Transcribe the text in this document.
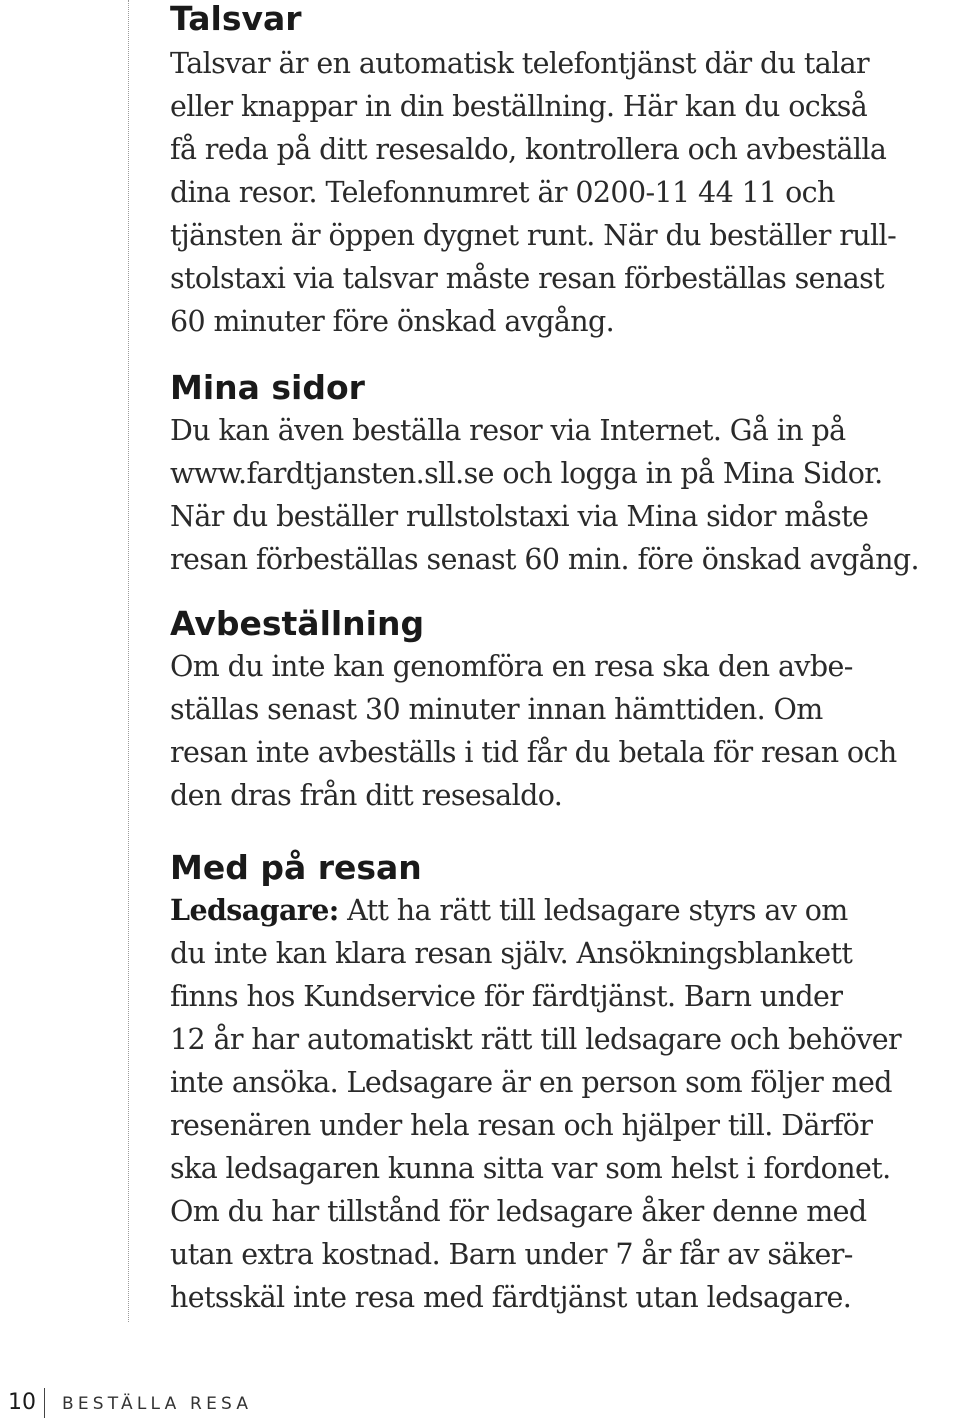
Talsvar
Talsvar är en automatisk telefontjänst där du talar
eller knappar in din beställning. Här kan du också
få reda på ditt resesaldo, kontrollera och avbeställa
dina resor. Telefonnumret är 0200-11 44 11 och
tjänsten är öppen dygnet runt. När du beställer rull-
stolstaxi via talsvar måste resan förbeställas senast
60 minuter före önskad avgång.
Mina sidor
Du kan även beställa resor via Internet. Gå in på
www.fardtjansten.sll.se och logga in på Mina Sidor.
När du beställer rullstolstaxi via Mina sidor måste
resan förbeställas senast 60 min. före önskad avgång.
Avbeställning
Om du inte kan genomföra en resa ska den avbe-
ställas senast 30 minuter innan hämttiden. Om
resan inte avbeställs i tid får du betala för resan och
den dras från ditt resesaldo.
Med på resan
Ledsagare: Att ha rätt till ledsagare styrs av om
du inte kan klara resan själv. Ansökningsblankett
finns hos Kundservice för färdtjänst. Barn under
12 år har automatiskt rätt till ledsagare och behöver
inte ansöka. Ledsagare är en person som följer med
resenären under hela resan och hjälper till. Därför
ska ledsagaren kunna sitta var som helst i fordonet.
Om du har tillstånd för ledsagare åker denne med
utan extra kostnad. Barn under 7 år får av säker-
hetsskäl inte resa med färdtjänst utan ledsagare.
10 BESTÄLLA RESA
